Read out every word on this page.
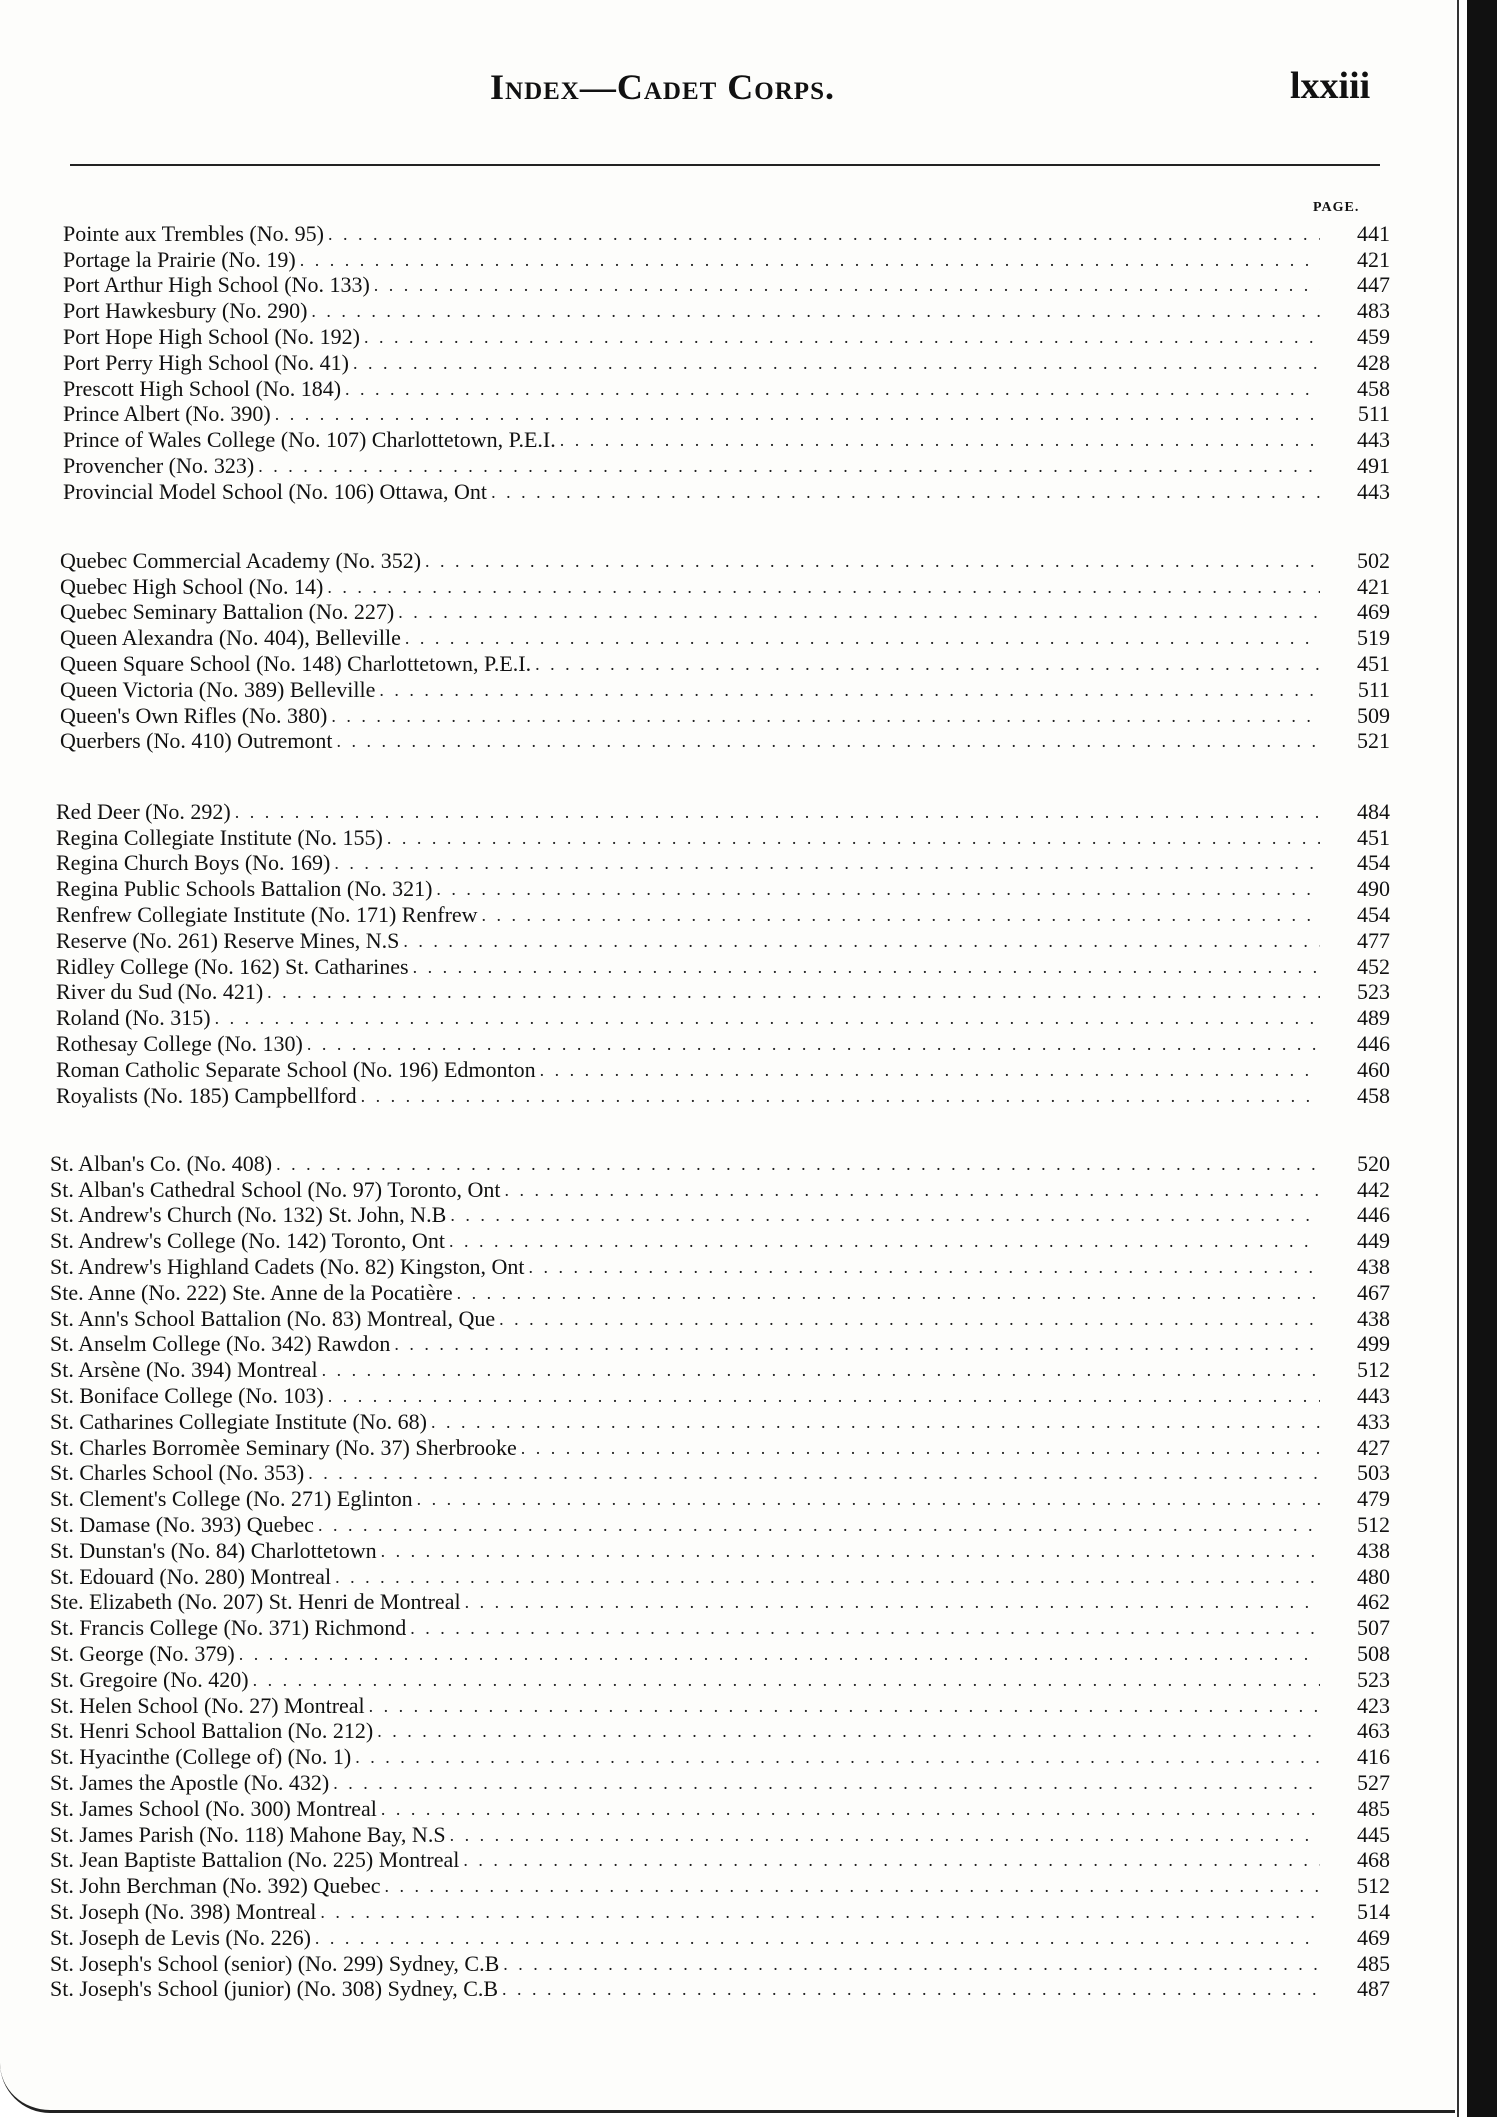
Index—Cadet Corps.	lxxiii
PAGE.
Pointe aux Trembles (No. 95) . . .	441
Portage la Prairie (No. 19) . . .	421
Port Arthur High School (No. 133) . . .	447
Port Hawkesbury (No. 290) . . .	483
Port Hope High School (No. 192) . . .	459
Port Perry High School (No. 41) . . .	428
Prescott High School (No. 184) . . .	458
Prince Albert (No. 390) . . .	511
Prince of Wales College (No. 107) Charlottetown, P.E.I. . . .	443
Provencher (No. 323) . . .	491
Provincial Model School (No. 106) Ottawa, Ont . . .	443
Quebec Commercial Academy (No. 352) . . .	502
Quebec High School (No. 14) . . .	421
Quebec Seminary Battalion (No. 227) . . .	469
Queen Alexandra (No. 404), Belleville . . .	519
Queen Square School (No. 148) Charlottetown, P.E.I. . . .	451
Queen Victoria (No. 389) Belleville . . .	511
Queen's Own Rifles (No. 380) . . .	509
Querbers (No. 410) Outremont . . .	521
Red Deer (No. 292) . . .	484
Regina Collegiate Institute (No. 155) . . .	451
Regina Church Boys (No. 169) . . .	454
Regina Public Schools Battalion (No. 321) . . .	490
Renfrew Collegiate Institute (No. 171) Renfrew . . .	454
Reserve (No. 261) Reserve Mines, N.S . . .	477
Ridley College (No. 162) St. Catharines . . .	452
River du Sud (No. 421) . . .	523
Roland (No. 315) . . .	489
Rothesay College (No. 130) . . .	446
Roman Catholic Separate School (No. 196) Edmonton . . .	460
Royalists (No. 185) Campbellford . . .	458
St. Alban's Co. (No. 408) . . .	520
St. Alban's Cathedral School (No. 97) Toronto, Ont . . .	442
St. Andrew's Church (No. 132) St. John, N.B . . .	446
St. Andrew's College (No. 142) Toronto, Ont . . .	449
St. Andrew's Highland Cadets (No. 82) Kingston, Ont . . .	438
Ste. Anne (No. 222) Ste. Anne de la Pocatière . . .	467
St. Ann's School Battalion (No. 83) Montreal, Que . . .	438
St. Anselm College (No. 342) Rawdon . . .	499
St. Arsène (No. 394) Montreal . . .	512
St. Boniface College (No. 103) . . .	443
St. Catharines Collegiate Institute (No. 68) . . .	433
St. Charles Borromèe Seminary (No. 37) Sherbrooke . . .	427
St. Charles School (No. 353) . . .	503
St. Clement's College (No. 271) Eglinton . . .	479
St. Damase (No. 393) Quebec . . .	512
St. Dunstan's (No. 84) Charlottetown . . .	438
St. Edouard (No. 280) Montreal . . .	480
Ste. Elizabeth (No. 207) St. Henri de Montreal . . .	462
St. Francis College (No. 371) Richmond . . .	507
St. George (No. 379) . . .	508
St. Gregoire (No. 420) . . .	523
St. Helen School (No. 27) Montreal . . .	423
St. Henri School Battalion (No. 212) . . .	463
St. Hyacinthe (College of) (No. 1) . . .	416
St. James the Apostle (No. 432) . . .	527
St. James School (No. 300) Montreal . . .	485
St. James Parish (No. 118) Mahone Bay, N.S . . .	445
St. Jean Baptiste Battalion (No. 225) Montreal . . .	468
St. John Berchman (No. 392) Quebec . . .	512
St. Joseph (No. 398) Montreal . . .	514
St. Joseph de Levis (No. 226) . . .	469
St. Joseph's School (senior) (No. 299) Sydney, C.B . . .	485
St. Joseph's School (junior) (No. 308) Sydney, C.B . . .	487
